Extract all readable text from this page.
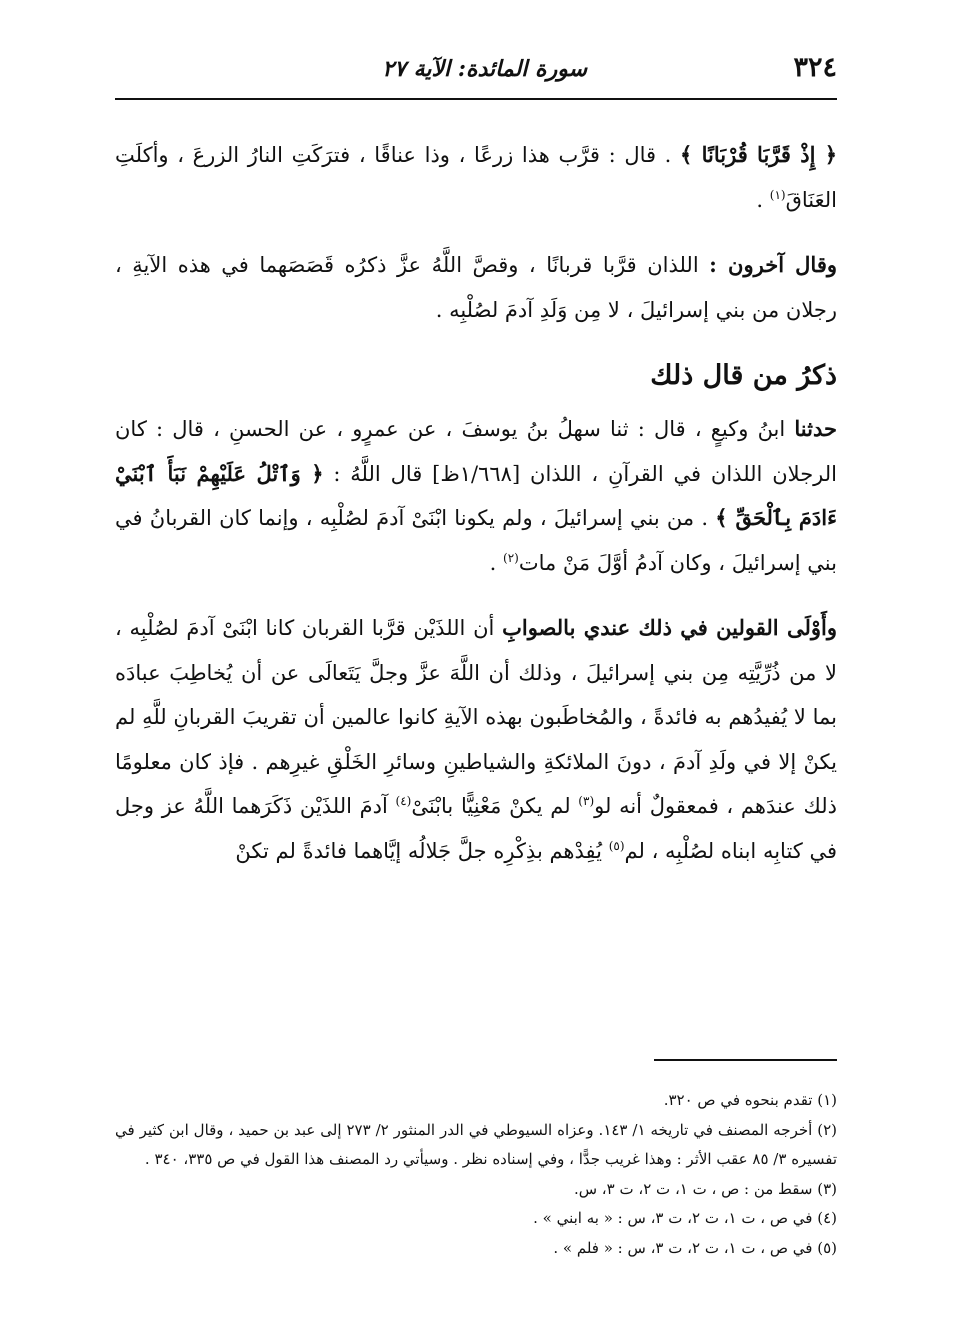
٣٢٤
سورة المائدة: الآية ٢٧

﴿ إِذْ قَرَّبَا قُرْبَانًا ﴾ . قال : قرَّب هذا زرعًا ، وذا عناقًا ، فترَكَتِ النارُ الزرعَ ، وأكلَتِ العَنَاقَ$^{(١)}$ .

وقال آخرون : اللذان قرَّبا قربانًا ، وقصَّ اللَّهُ عزَّ ذكرُه قَصَصَهما في هذه الآيةِ ، رجلان من بني إسرائيلَ ، لا مِن وَلَدِ آدمَ لصُلْبِه .

ذكرُ من قال ذلك

حدثنا ابنُ وكيعٍ ، قال : ثنا سهلُ بنُ يوسفَ ، عن عمرٍو ، عن الحسنِ ، قال : كان الرجلان اللذان في القرآنِ ، اللذان [١/٦٦٨ظ] قال اللَّهُ : ﴿ وَٱتْلُ عَلَيْهِمْ نَبَأَ ٱبْنَيْ ءَادَمَ بِٱلْحَقِّ ﴾ . من بني إسرائيلَ ، ولم يكونا ابْنَىْ آدمَ لصُلْبِه ، وإنما كان القربانُ في بني إسرائيلَ ، وكان آدمُ أوَّلَ مَنْ مات$^{(٢)}$ .

وأَوْلَى القولين في ذلك عندي بالصوابِ أن اللذَيْن قرَّبا القربان كانا ابْنَىْ آدمَ لصُلْبِه ، لا من ذُرِّيَّتِه مِن بني إسرائيلَ ، وذلك أن اللَّهَ عزَّ وجلَّ يَتَعالَى عن أن يُخاطِبَ عبادَه بما لا يُفيدُهم به فائدةً ، والمُخاطَبون بهذه الآيةِ كانوا عالمين أن تقريبَ القربانِ للَّهِ لم يكنْ إلا في ولَدِ آدمَ ، دونَ الملائكةِ والشياطينِ وسائرِ الخَلْقِ غيرِهم . فإذ كان معلومًا ذلك عندَهم ، فمعقولٌ أنه لو$^{(٣)}$ لم يكنْ مَعْنِيًّا بابْنَىْ$^{(٤)}$ آدمَ اللذَيْن ذَكَرَهما اللَّهُ عز وجل في كتابِه ابناه لصُلْبِه ، لم$^{(٥)}$ يُفِدْهم بذِكْرِه جلَّ جَلالُه إيَّاهما فائدةً لم تكنْ

(١) تقدم بنحوه في ص ٣٢٠.

(٢) أخرجه المصنف في تاريخه ١/ ١٤٣. وعزاه السيوطي في الدر المنثور ٢/ ٢٧٣ إلى عبد بن حميد ، وقال ابن كثير في تفسيره ٣/ ٨٥ عقب الأثر : وهذا غريب جدًّا ، وفي إسناده نظر . وسيأتي رد المصنف هذا القول في ص ٣٣٥، ٣٤٠ .

(٣) سقط من : ص ، ت ١، ت ٢، ت ٣، س.

(٤) في ص ، ت ١، ت ٢، ت ٣، س : « به ابني » .

(٥) في ص ، ت ١، ت ٢، ت ٣، س : « فلم » .
